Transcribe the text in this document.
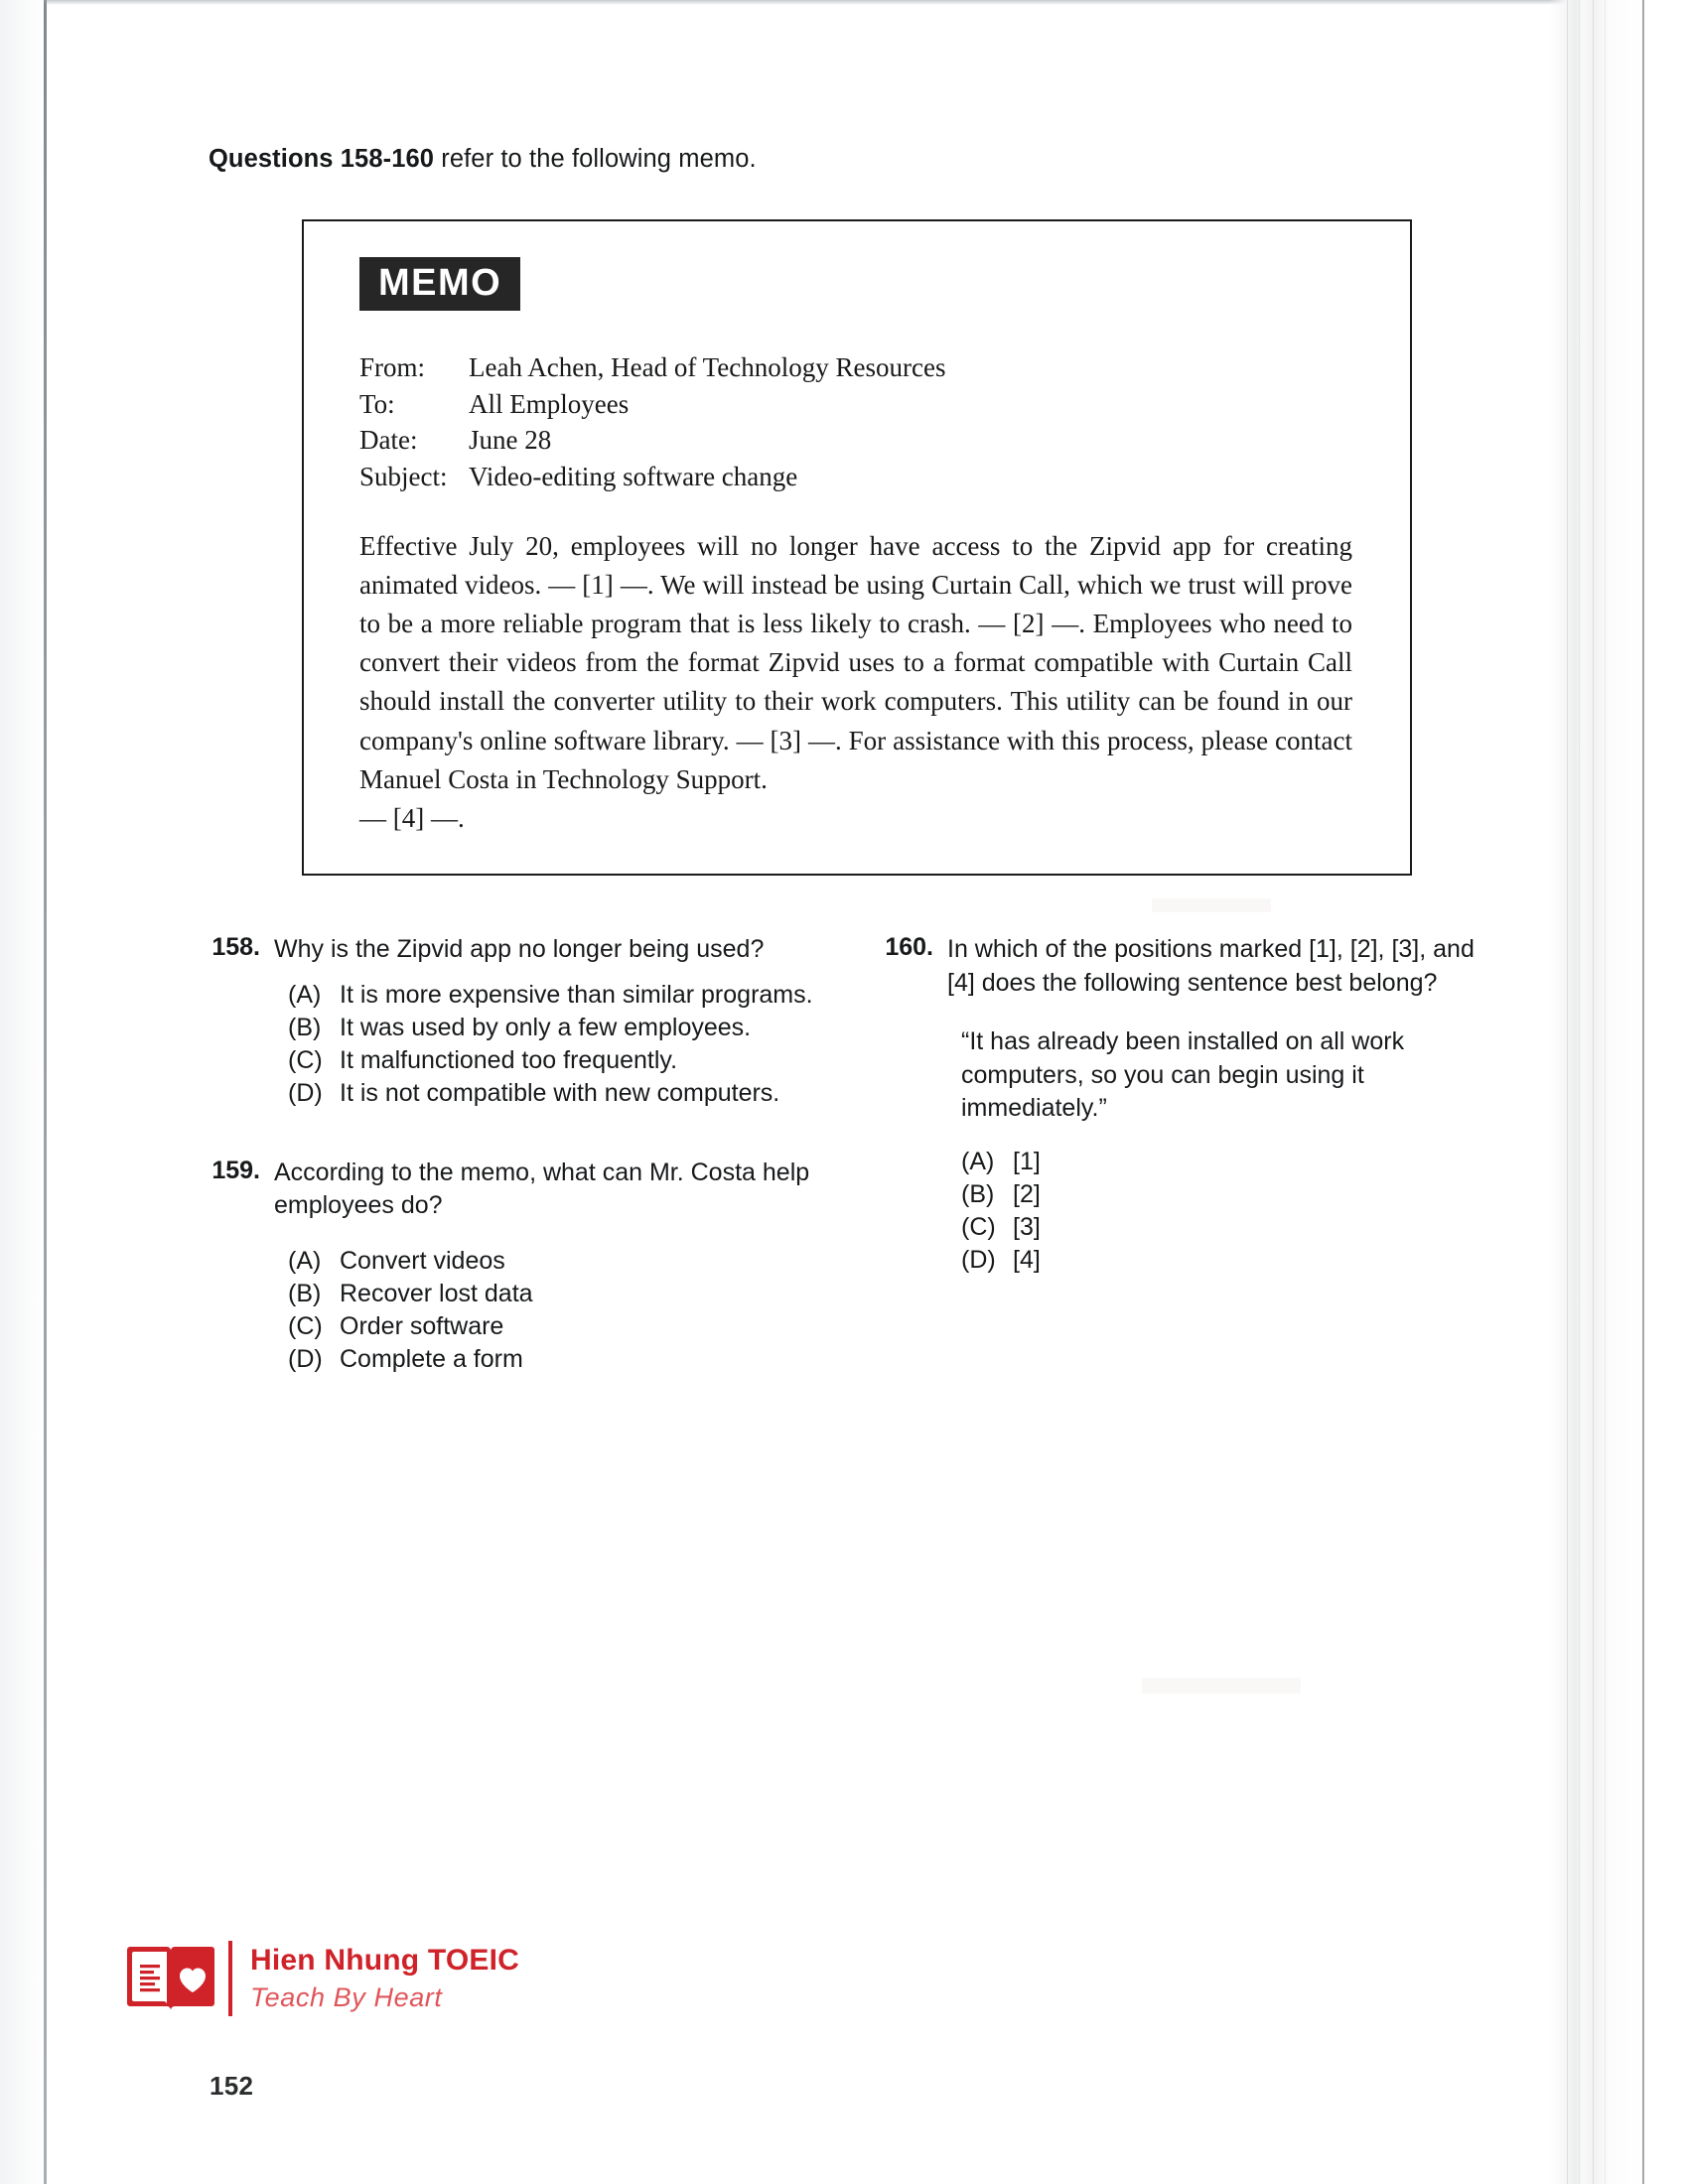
Questions 158-160 refer to the following memo.
MEMO
From:	Leah Achen, Head of Technology Resources
To:	All Employees
Date:	June 28
Subject: Video-editing software change
Effective July 20, employees will no longer have access to the Zipvid app for creating animated videos. — [1] —. We will instead be using Curtain Call, which we trust will prove to be a more reliable program that is less likely to crash. — [2] —. Employees who need to convert their videos from the format Zipvid uses to a format compatible with Curtain Call should install the converter utility to their work computers. This utility can be found in our company's online software library. — [3] —. For assistance with this process, please contact Manuel Costa in Technology Support.
— [4] —.
158. Why is the Zipvid app no longer being used?
(A) It is more expensive than similar programs.
(B) It was used by only a few employees.
(C) It malfunctioned too frequently.
(D) It is not compatible with new computers.
159. According to the memo, what can Mr. Costa help employees do?
(A) Convert videos
(B) Recover lost data
(C) Order software
(D) Complete a form
160. In which of the positions marked [1], [2], [3], and [4] does the following sentence best belong?
“It has already been installed on all work computers, so you can begin using it immediately.”
(A) [1]
(B) [2]
(C) [3]
(D) [4]
Hien Nhung TOEIC
Teach By Heart
152
